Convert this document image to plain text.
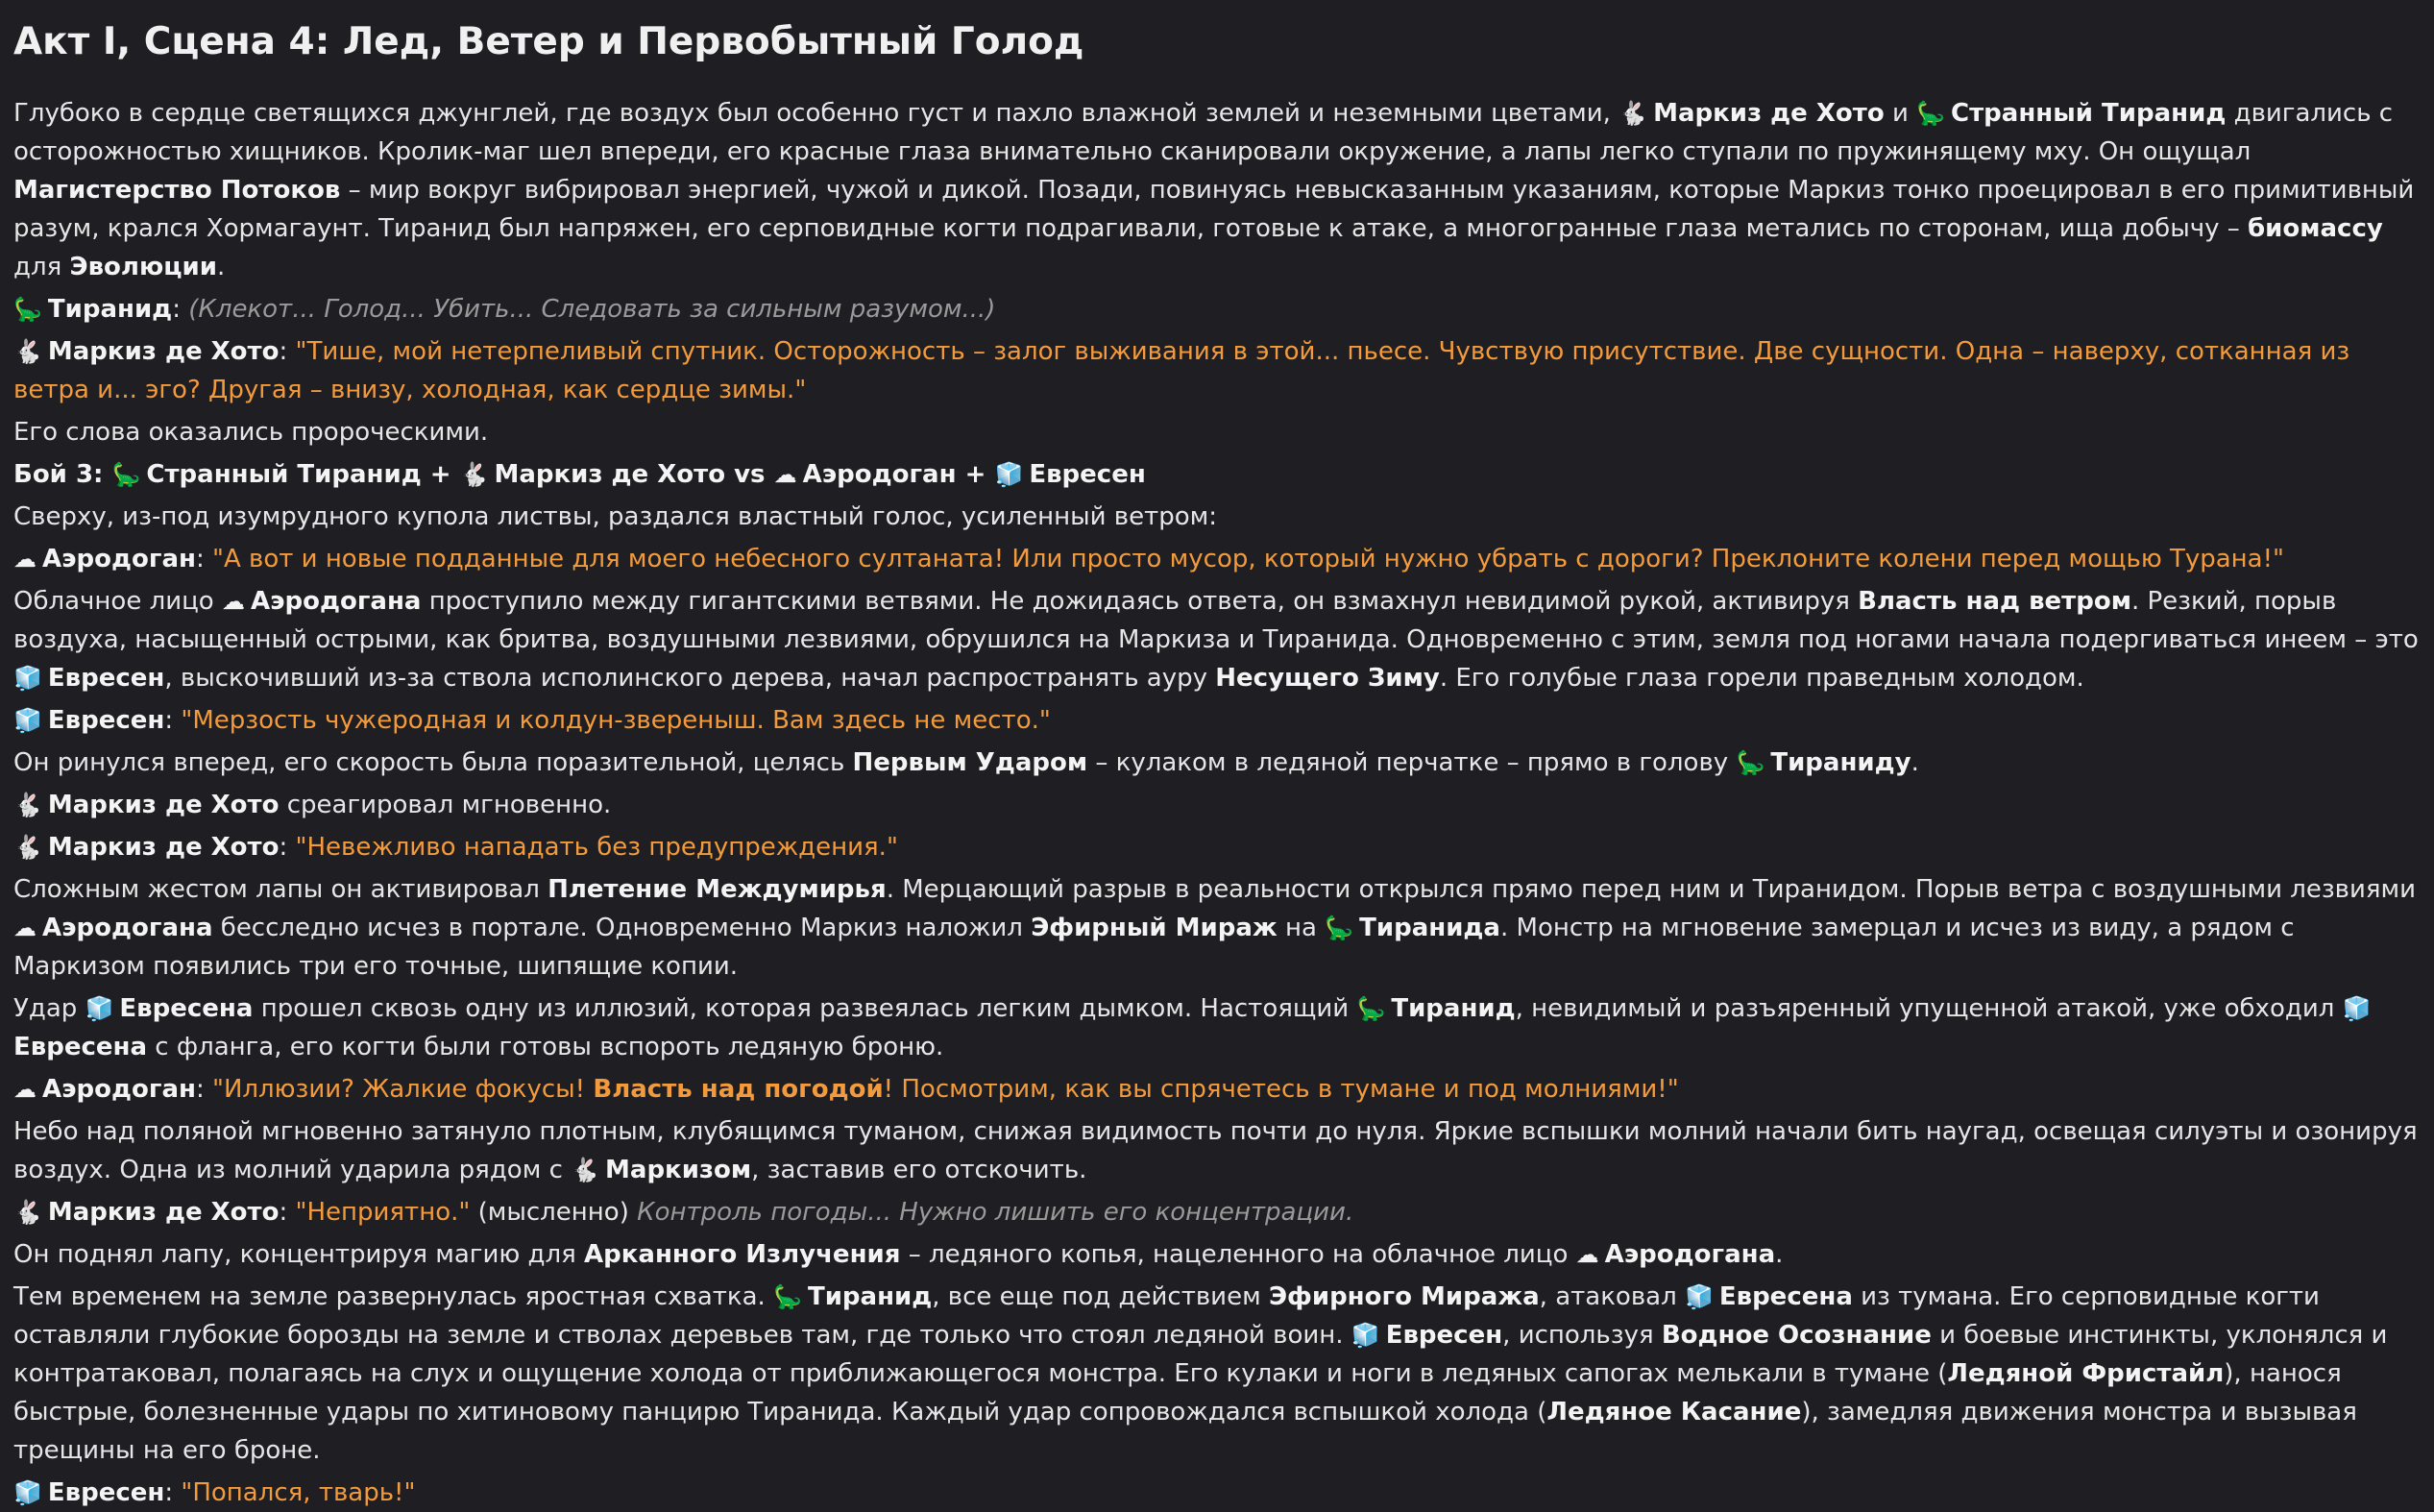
Акт I, Сцена 4: Лед, Ветер и Первобытный Голод
Глубоко в сердце светящихся джунглей, где воздух был особенно густ и пахло влажной землей и неземными цветами, 🐇 Маркиз де Хото и 🦕 Странный Тиранид двигались с осторожностью хищников. Кролик-маг шел впереди, его красные глаза внимательно сканировали окружение, а лапы легко ступали по пружинящему мху. Он ощущал Магистерство Потоков – мир вокруг вибрировал энергией, чужой и дикой. Позади, повинуясь невысказанным указаниям, которые Маркиз тонко проецировал в его примитивный разум, крался Хормагаунт. Тиранид был напряжен, его серповидные когти подрагивали, готовые к атаке, а многогранные глаза метались по сторонам, ища добычу – биомассу для Эволюции.
🦕 Тиранид: (Клекот... Голод... Убить... Следовать за сильным разумом...)
🐇 Маркиз де Хото: "Тише, мой нетерпеливый спутник. Осторожность – залог выживания в этой... пьесе. Чувствую присутствие. Две сущности. Одна – наверху, сотканная из ветра и... эго? Другая – внизу, холодная, как сердце зимы."
Его слова оказались пророческими.
Бой 3: 🦕 Странный Тиранид + 🐇 Маркиз де Хото vs ☁ Аэродоган + 🧊 Евресен
Сверху, из-под изумрудного купола листвы, раздался властный голос, усиленный ветром:
☁ Аэродоган: "А вот и новые подданные для моего небесного султаната! Или просто мусор, который нужно убрать с дороги? Преклоните колени перед мощью Турана!"
Облачное лицо ☁ Аэродогана проступило между гигантскими ветвями. Не дожидаясь ответа, он взмахнул невидимой рукой, активируя Власть над ветром. Резкий, порыв воздуха, насыщенный острыми, как бритва, воздушными лезвиями, обрушился на Маркиза и Тиранида. Одновременно с этим, земля под ногами начала подергиваться инеем – это 🧊 Евресен, выскочивший из-за ствола исполинского дерева, начал распространять ауру Несущего Зиму. Его голубые глаза горели праведным холодом.
🧊 Евресен: "Мерзость чужеродная и колдун-звереныш. Вам здесь не место."
Он ринулся вперед, его скорость была поразительной, целясь Первым Ударом – кулаком в ледяной перчатке – прямо в голову 🦕 Тираниду.
🐇 Маркиз де Хото среагировал мгновенно.
🐇 Маркиз де Хото: "Невежливо нападать без предупреждения."
Сложным жестом лапы он активировал Плетение Междумирья. Мерцающий разрыв в реальности открылся прямо перед ним и Тиранидом. Порыв ветра с воздушными лезвиями ☁ Аэродогана бесследно исчез в портале. Одновременно Маркиз наложил Эфирный Мираж на 🦕 Тиранида. Монстр на мгновение замерцал и исчез из виду, а рядом с Маркизом появились три его точные, шипящие копии.
Удар 🧊 Евресена прошел сквозь одну из иллюзий, которая развеялась легким дымком. Настоящий 🦕 Тиранид, невидимый и разъяренный упущенной атакой, уже обходил 🧊Евресена с фланга, его когти были готовы вспороть ледяную броню.
☁ Аэродоган: "Иллюзии? Жалкие фокусы! Власть над погодой! Посмотрим, как вы спрячетесь в тумане и под молниями!"
Небо над поляной мгновенно затянуло плотным, клубящимся туманом, снижая видимость почти до нуля. Яркие вспышки молний начали бить наугад, освещая силуэты и озонируя воздух. Одна из молний ударила рядом с 🐇 Маркизом, заставив его отскочить.
🐇 Маркиз де Хото: "Неприятно." (мысленно) Контроль погоды... Нужно лишить его концентрации.
Он поднял лапу, концентрируя магию для Арканного Излучения – ледяного копья, нацеленного на облачное лицо ☁ Аэродогана.
Тем временем на земле развернулась яростная схватка. 🦕 Тиранид, все еще под действием Эфирного Миража, атаковал 🧊 Евресена из тумана. Его серповидные когти оставляли глубокие борозды на земле и стволах деревьев там, где только что стоял ледяной воин. 🧊 Евресен, используя Водное Осознание и боевые инстинкты, уклонялся и контратаковал, полагаясь на слух и ощущение холода от приближающегося монстра. Его кулаки и ноги в ледяных сапогах мелькали в тумане (Ледяной Фристайл), нанося быстрые, болезненные удары по хитиновому панцирю Тиранида. Каждый удар сопровождался вспышкой холода (Ледяное Касание), замедляя движения монстра и вызывая трещины на его броне.
🧊 Евресен: "Попался, тварь!"
